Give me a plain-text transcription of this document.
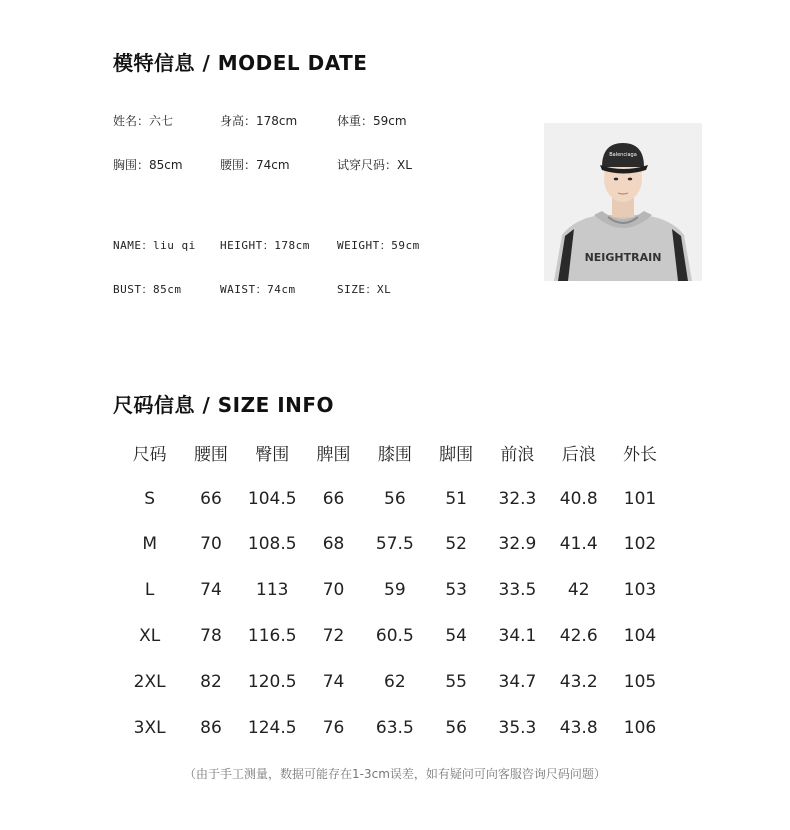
模特信息 / MODEL DATE
姓名：六七	身高：178cm	体重：59cm
胸围：85cm	腰围：74cm	试穿尺码：XL
NAME：liu qi HEIGHT：178cm WEIGHT：59cm
BUST：85cm	WAIST：74cm	SIZE：XL
Balenciaga
NEIGHTRAIN
尺码信息 / SIZE INFO
尺码	腰围	臀围	脾围	膝围	脚围	前浪	后浪	外长
S	66	104.5	66	56	51	32.3	40.8	101
M	70	108.5	68	57.5	52	32.9	41.4	102
L	74	113	70	59	53	33.5	42	103
XL	78	116.5	72	60.5	54	34.1	42.6	104
2XL	82	120.5	74	62	55	34.7	43.2	105
3XL	86	124.5	76	63.5	56	35.3	43.8	106
（由于手工测量，数据可能存在1-3cm误差，如有疑问可向客服咨询尺码问题）
